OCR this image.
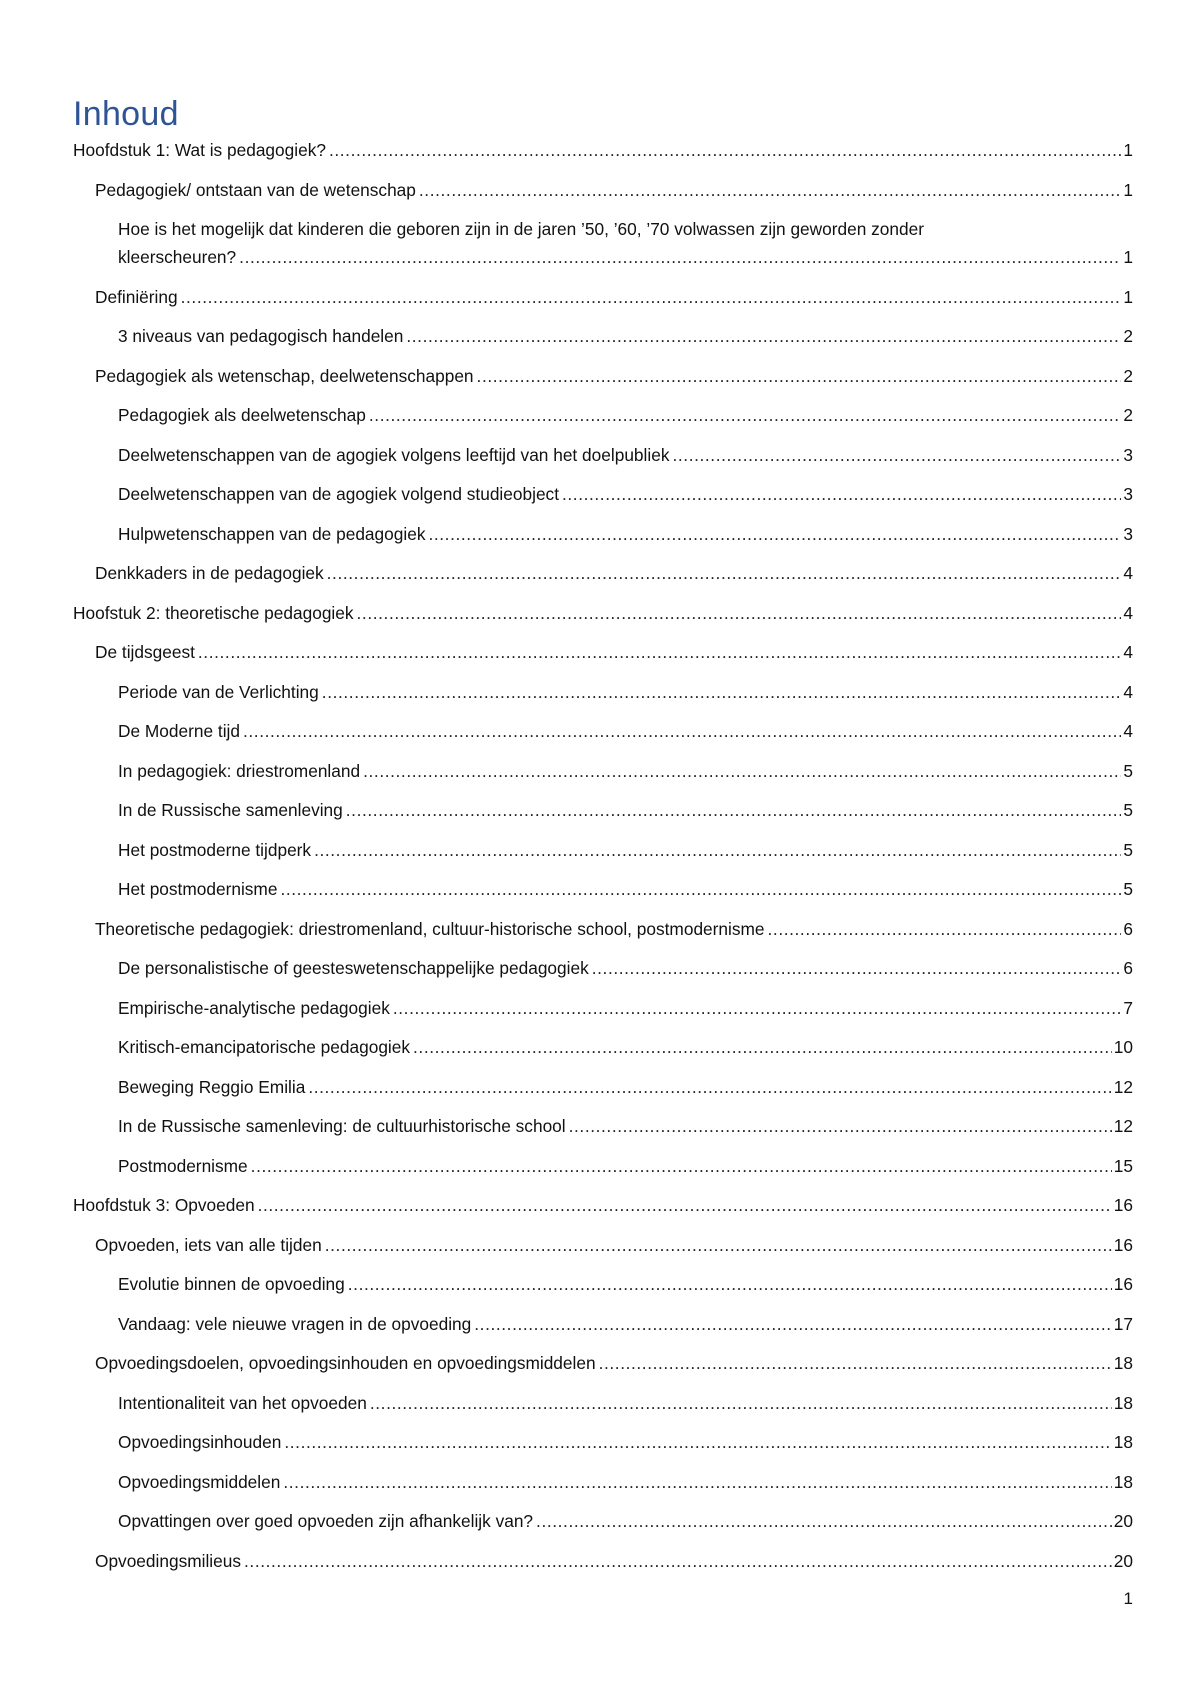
Inhoud
Hoofdstuk 1: Wat is pedagogiek? .....	1
Pedagogiek/ ontstaan van de wetenschap .....	1
Hoe is het mogelijk dat kinderen die geboren zijn in de jaren ’50, ’60, ’70 volwassen zijn geworden zonder
kleerscheuren? .....	1
Definiëring .....	1
3 niveaus van pedagogisch handelen .....	2
Pedagogiek als wetenschap, deelwetenschappen .....	2
Pedagogiek als deelwetenschap .....	2
Deelwetenschappen van de agogiek volgens leeftijd van het doelpubliek .....	3
Deelwetenschappen van de agogiek volgend studieobject .....	3
Hulpwetenschappen van de pedagogiek .....	3
Denkkaders in de pedagogiek .....	4
Hoofstuk 2: theoretische pedagogiek .....	4
De tijdsgeest .....	4
Periode van de Verlichting .....	4
De Moderne tijd .....	4
In pedagogiek: driestromenland .....	5
In de Russische samenleving .....	5
Het postmoderne tijdperk .....	5
Het postmodernisme .....	5
Theoretische pedagogiek: driestromenland, cultuur-historische school, postmodernisme .....	6
De personalistische of geesteswetenschappelijke pedagogiek .....	6
Empirische-analytische pedagogiek .....	7
Kritisch-emancipatorische pedagogiek .....	10
Beweging Reggio Emilia .....	12
In de Russische samenleving: de cultuurhistorische school .....	12
Postmodernisme .....	15
Hoofdstuk 3: Opvoeden .....	16
Opvoeden, iets van alle tijden .....	16
Evolutie binnen de opvoeding .....	16
Vandaag: vele nieuwe vragen in de opvoeding .....	17
Opvoedingsdoelen, opvoedingsinhouden en opvoedingsmiddelen .....	18
Intentionaliteit van het opvoeden .....	18
Opvoedingsinhouden .....	18
Opvoedingsmiddelen .....	18
Opvattingen over goed opvoeden zijn afhankelijk van? .....	20
Opvoedingsmilieus .....	20
1
